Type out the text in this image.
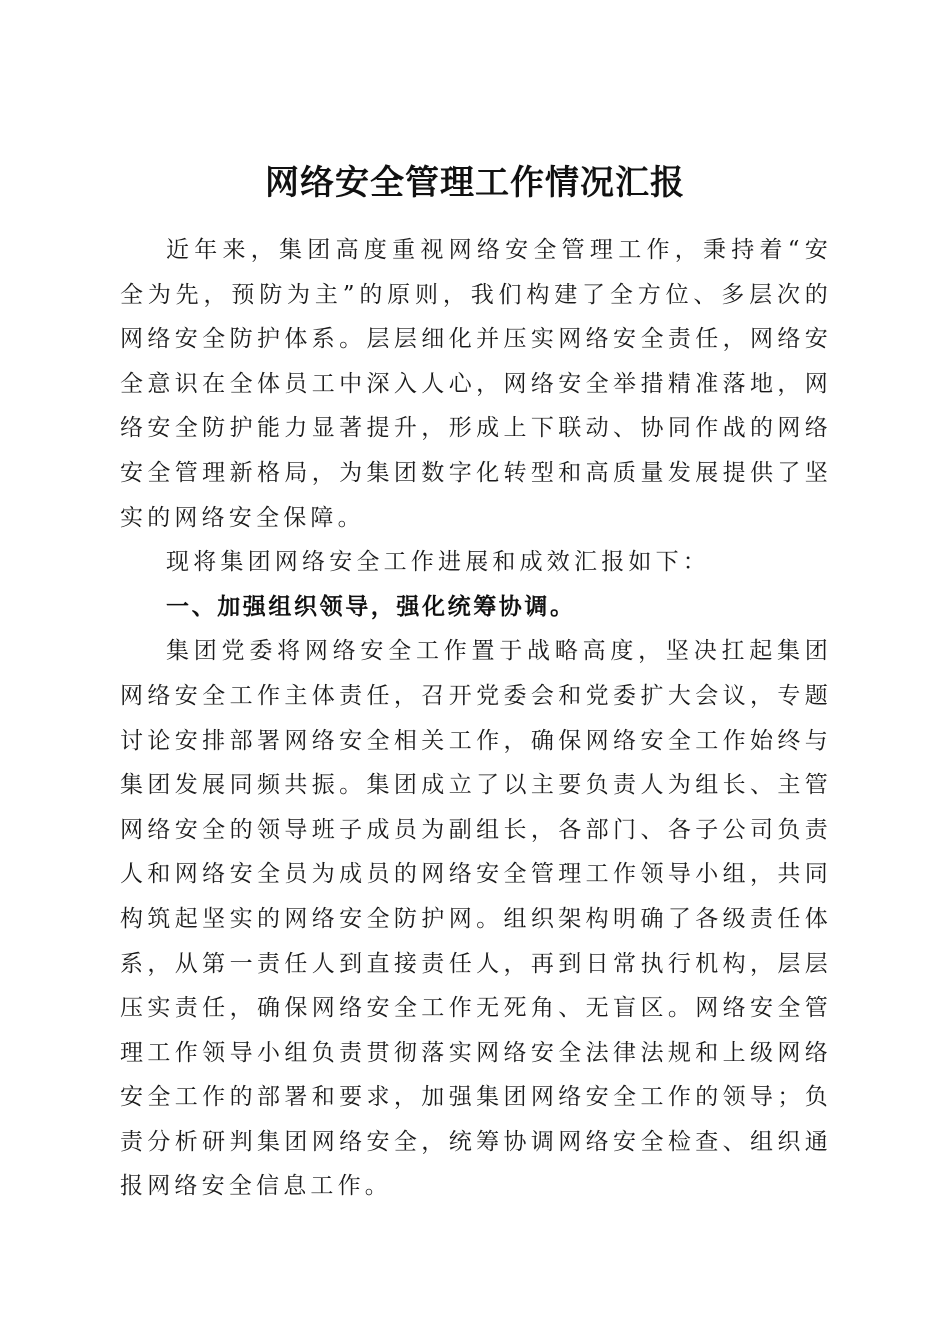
网络安全管理工作情况汇报

近年来，集团高度重视网络安全管理工作，秉持着“安全为先，预防为主”的原则，我们构建了全方位、多层次的网络安全防护体系。层层细化并压实网络安全责任，网络安全意识在全体员工中深入人心，网络安全举措精准落地，网络安全防护能力显著提升，形成上下联动、协同作战的网络安全管理新格局，为集团数字化转型和高质量发展提供了坚实的网络安全保障。

现将集团网络安全工作进展和成效汇报如下：

一、加强组织领导，强化统筹协调。

集团党委将网络安全工作置于战略高度，坚决扛起集团网络安全工作主体责任，召开党委会和党委扩大会议，专题讨论安排部署网络安全相关工作，确保网络安全工作始终与集团发展同频共振。集团成立了以主要负责人为组长、主管网络安全的领导班子成员为副组长，各部门、各子公司负责人和网络安全员为成员的网络安全管理工作领导小组，共同构筑起坚实的网络安全防护网。组织架构明确了各级责任体系，从第一责任人到直接责任人，再到日常执行机构，层层压实责任，确保网络安全工作无死角、无盲区。网络安全管理工作领导小组负责贯彻落实网络安全法律法规和上级网络安全工作的部署和要求，加强集团网络安全工作的领导；负责分析研判集团网络安全，统筹协调网络安全检查、组织通报网络安全信息工作。
